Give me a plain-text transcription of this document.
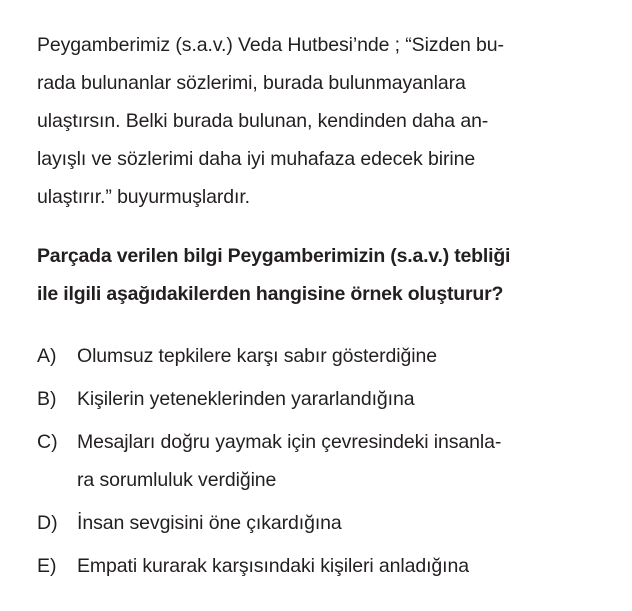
Peygamberimiz (s.a.v.) Veda Hutbesi’nde ; “Sizden bu-
rada bulunanlar sözlerimi, burada bulunmayanlara
ulaştırsın. Belki burada bulunan, kendinden daha an-
layışlı ve sözlerimi daha iyi muhafaza edecek birine
ulaştırır.” buyurmuşlardır.
Parçada verilen bilgi Peygamberimizin (s.a.v.) tebliği
ile ilgili aşağıdakilerden hangisine örnek oluşturur?
A)	Olumsuz tepkilere karşı sabır gösterdiğine
B)	Kişilerin yeteneklerinden yararlandığına
C) Mesajları doğru yaymak için çevresindeki insanla-
ra sorumluluk verdiğine
D) İnsan sevgisini öne çıkardığına
E)	Empati kurarak karşısındaki kişileri anladığına
